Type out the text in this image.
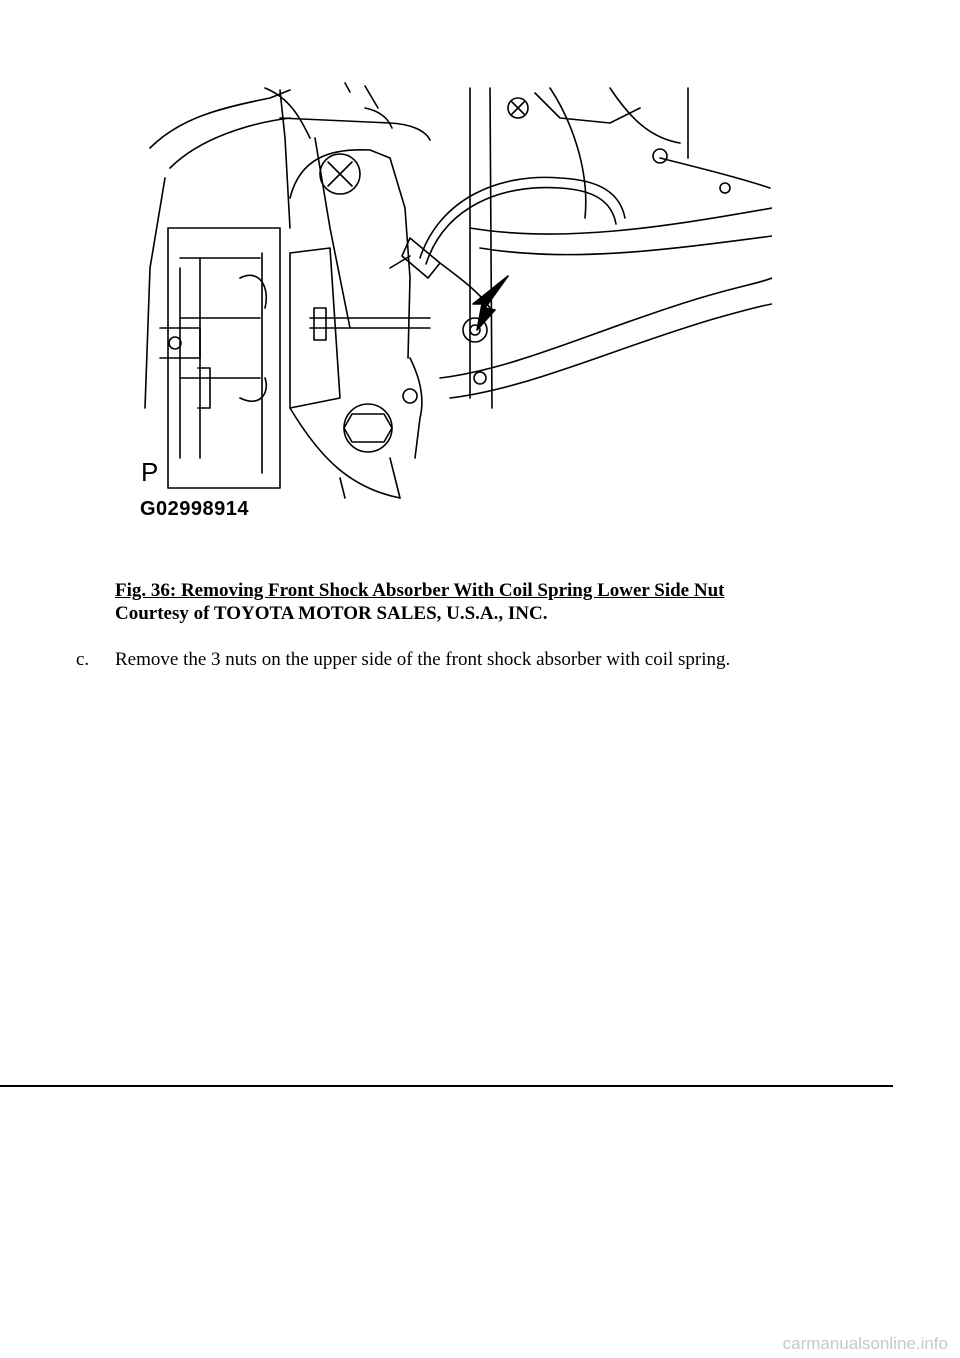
P
G02998914
Fig. 36: Removing Front Shock Absorber With Coil Spring Lower Side Nut
Courtesy of TOYOTA MOTOR SALES, U.S.A., INC.
c. Remove the 3 nuts on the upper side of the front shock absorber with coil spring.
carmanualsonline.info
